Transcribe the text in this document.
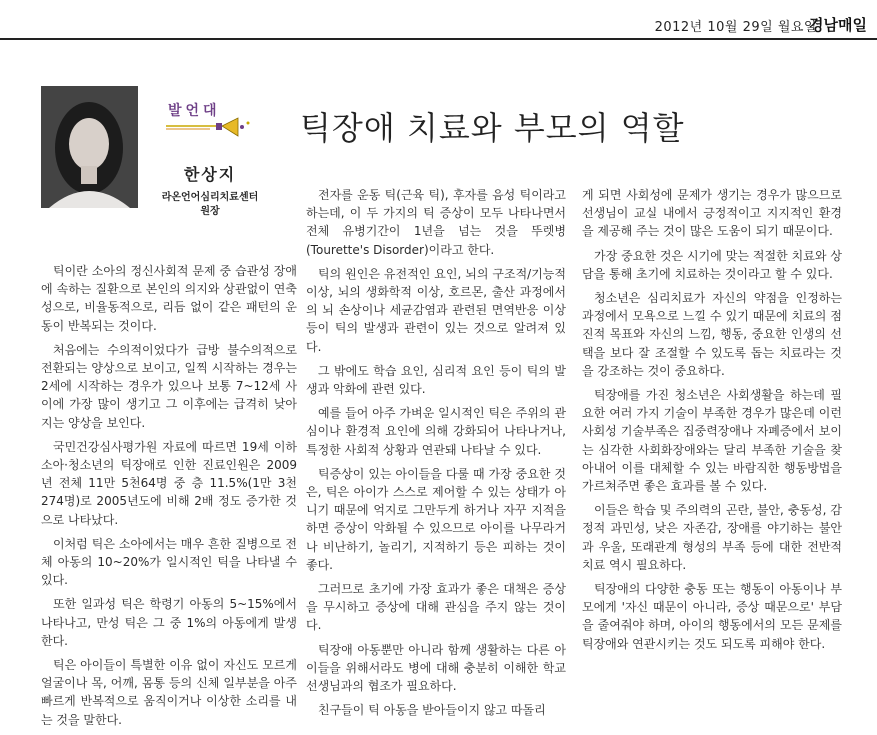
2012년 10월 29일 월요일
경남매일
발언대
한상지
라온언어심리치료센터
원장
틱장애 치료와 부모의 역할

틱이란 소아의 정신사회적 문제 중 습관성 장애에 속하는 질환으로 본인의 의지와 상관없이 연축성으로, 비율동적으로, 리듬 없이 같은 패턴의 운동이 반복되는 것이다.

처음에는 수의적이었다가 급방 불수의적으로 전환되는 양상으로 보이고, 일찍 시작하는 경우는 2세에 시작하는 경우가 있으나 보통 7~12세 사이에 가장 많이 생기고 그 이후에는 급격히 낮아지는 양상을 보인다.

국민건강심사평가원 자료에 따르면 19세 이하 소아·청소년의 틱장애로 인한 진료인원은 2009년 전체 11만 5천64명 중 층 11.5%(1만 3천274명)로 2005년도에 비해 2배 정도 증가한 것으로 나타났다.

이처럼 틱은 소아에서는 매우 흔한 질병으로 전체 아동의 10~20%가 일시적인 틱을 나타낼 수 있다.

또한 일과성 틱은 학령기 아동의 5~15%에서 나타나고, 만성 틱은 그 중 1%의 아동에게 발생한다.

틱은 아이들이 특별한 이유 없이 자신도 모르게 얼굴이나 목, 어깨, 몸통 등의 신체 일부분을 아주 빠르게 반복적으로 움직이거나 이상한 소리를 내는 것을 말한다.

전자를 운동 틱(근육 틱), 후자를 음성 틱이라고 하는데, 이 두 가지의 틱 증상이 모두 나타나면서 전체 유병기간이 1년을 넘는 것을 뚜렛병(Tourette's Disorder)이라고 한다.

틱의 원인은 유전적인 요인, 뇌의 구조적/기능적 이상, 뇌의 생화학적 이상, 호르몬, 출산 과정에서의 뇌 손상이나 세균감염과 관련된 면역반응 이상 등이 틱의 발생과 관련이 있는 것으로 알려져 있다.

그 밖에도 학습 요인, 심리적 요인 등이 틱의 발생과 악화에 관련 있다.

예를 들어 아주 가벼운 일시적인 틱은 주위의 관심이나 환경적 요인에 의해 강화되어 나타나거나, 특정한 사회적 상황과 연관돼 나타날 수 있다.

틱증상이 있는 아이들을 다룰 때 가장 중요한 것은, 틱은 아이가 스스로 제어할 수 있는 상태가 아니기 때문에 억지로 그만두게 하거나 자꾸 지적을 하면 증상이 악화될 수 있으므로 아이를 나무라거나 비난하기, 놀리기, 지적하기 등은 피하는 것이 좋다.

그러므로 초기에 가장 효과가 좋은 대책은 증상을 무시하고 증상에 대해 관심을 주지 않는 것이다.

틱장애 아동뿐만 아니라 함께 생활하는 다른 아이들을 위해서라도 병에 대해 충분히 이해한 학교 선생님과의 협조가 필요하다.

친구들이 틱 아동을 받아들이지 않고 따돌리

게 되면 사회성에 문제가 생기는 경우가 많으므로 선생님이 교실 내에서 긍정적이고 지지적인 환경을 제공해 주는 것이 많은 도움이 되기 때문이다.

가장 중요한 것은 시기에 맞는 적절한 치료와 상담을 통해 초기에 치료하는 것이라고 할 수 있다.

청소년은 심리치료가 자신의 약점을 인정하는 과정에서 모욕으로 느낄 수 있기 때문에 치료의 점진적 목표와 자신의 느낌, 행동, 중요한 인생의 선택을 보다 잘 조절할 수 있도록 돕는 치료라는 것을 강조하는 것이 중요하다.

틱장애를 가진 청소년은 사회생활을 하는데 필요한 여러 가지 기술이 부족한 경우가 많은데 이런 사회성 기술부족은 집중력장애나 자폐증에서 보이는 심각한 사회화장애와는 달리 부족한 기술을 찾아내어 이를 대체할 수 있는 바람직한 행동방법을 가르쳐주면 좋은 효과를 볼 수 있다.

이들은 학습 및 주의력의 곤란, 불안, 충동성, 감정적 과민성, 낮은 자존감, 장애를 야기하는 불안과 우울, 또래관계 형성의 부족 등에 대한 전반적 치료 역시 필요하다.

틱장애의 다양한 충동 또는 행동이 아동이나 부모에게 '자신 때문이 아니라, 증상 때문으로' 부담을 줄여줘야 하며, 아이의 행동에서의 모든 문제를 틱장애와 연관시키는 것도 되도록 피해야 한다.
